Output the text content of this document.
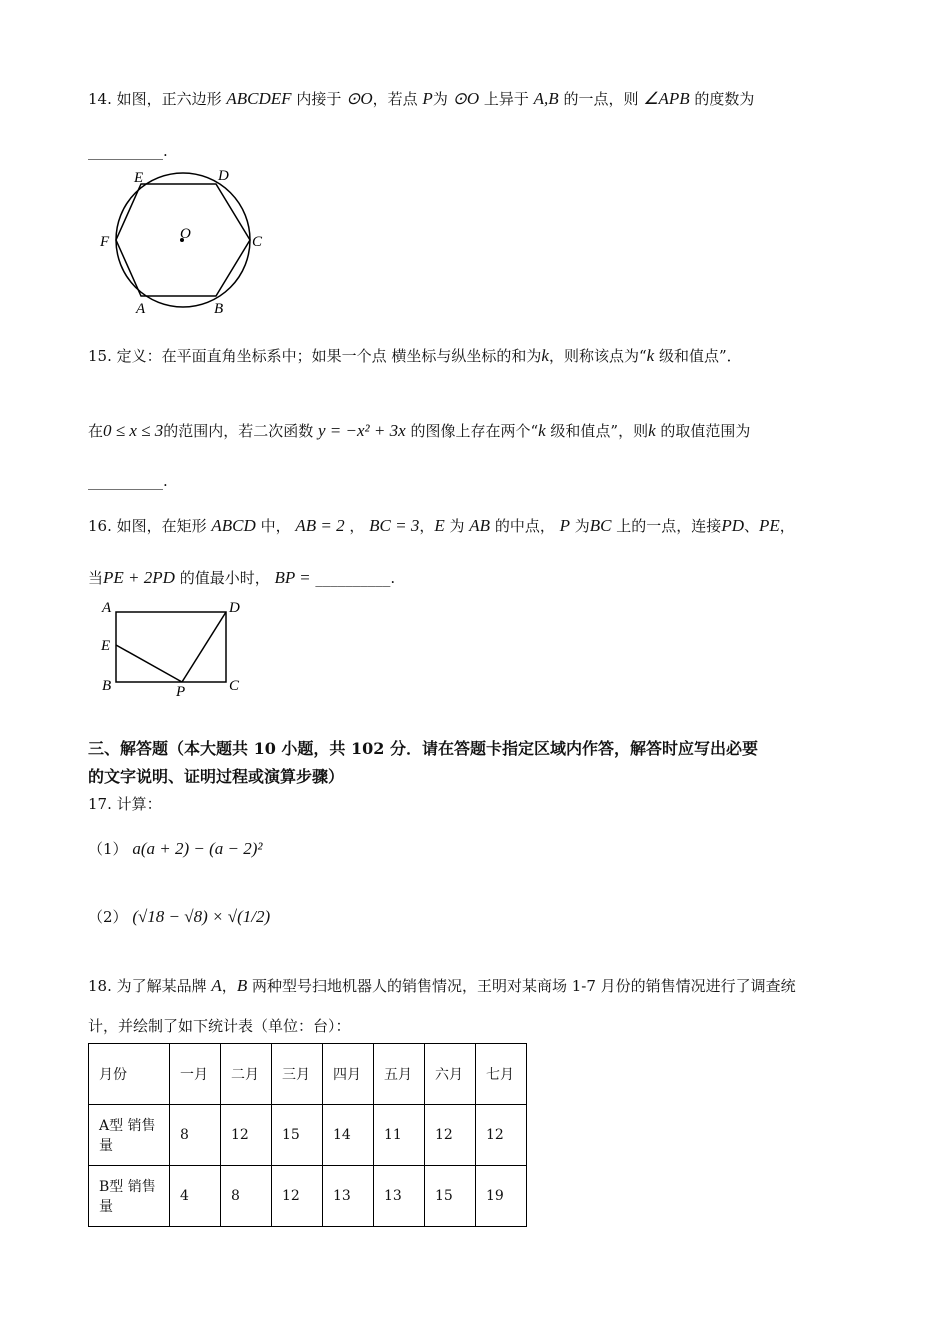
14. 如图，正六边形 ABCDEF 内接于 ⊙O，若点 P为 ⊙O 上异于 A,B 的一点，则 ∠APB 的度数为
__________.
15. 定义：在平面直角坐标系中；如果一个点 横坐标与纵坐标的和为k，则称该点为“k 级和值点”．
在0 ≤ x ≤ 3的范围内，若二次函数 y = −x² + 3x 的图像上存在两个“k 级和值点”，则k 的取值范围为
__________.
16. 如图，在矩形 ABCD 中， AB = 2 ， BC = 3，E 为 AB 的中点， P 为BC 上的一点，连接PD、PE，
当PE + 2PD 的值最小时， BP = __________.
三、解答题（本大题共 10 小题，共 102 分．请在答题卡指定区域内作答，解答时应写出必要
的文字说明、证明过程或演算步骤）
17. 计算：
（1） a(a + 2) − (a − 2)²
（2） (√18 − √8) × √(1/2)
18. 为了解某品牌 A，B 两种型号扫地机器人的销售情况，王明对某商场 1-7 月份的销售情况进行了调查统
计，并绘制了如下统计表（单位：台）：
E	D
F	O	C
A	B
A	D
E
B	P	C
月份	一月	二月	三月	四月	五月	六月	七月
A型 销售量	8	12	15	14	11	12	12
B型 销售量	4	8	12	13	13	15	19
